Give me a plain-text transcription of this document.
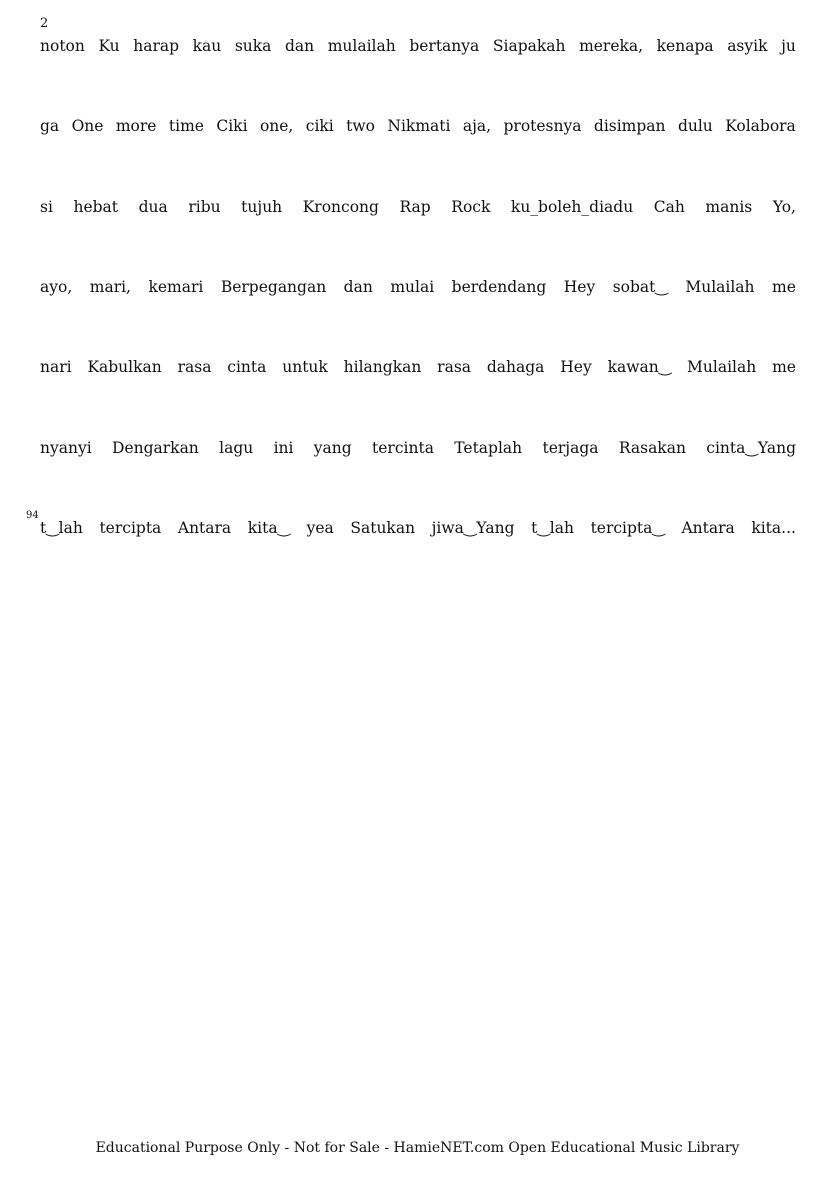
2
noton Ku harap kau suka dan mulailah bertanya Siapakah mereka, kenapa asyik ju
ga One more time Ciki one, ciki two Nikmati aja, protesnya disimpan dulu Kolabora
si hebat dua ribu tujuh Kroncong Rap Rock ku_boleh_diadu Cah manis Yo,
ayo, mari, kemari Berpegangan dan mulai berdendang Hey sobat‿ Mulailah me
nari Kabulkan rasa cinta untuk hilangkan rasa dahaga Hey kawan‿ Mulailah me
nyanyi Dengarkan lagu ini yang tercinta Tetaplah terjaga Rasakan cinta‿Yang
t‿lah tercipta Antara kita‿ yea Satukan jiwa‿Yang t‿lah tercipta‿ Antara kita...
94
Educational Purpose Only - Not for Sale - HamieNET.com Open Educational Music Library
